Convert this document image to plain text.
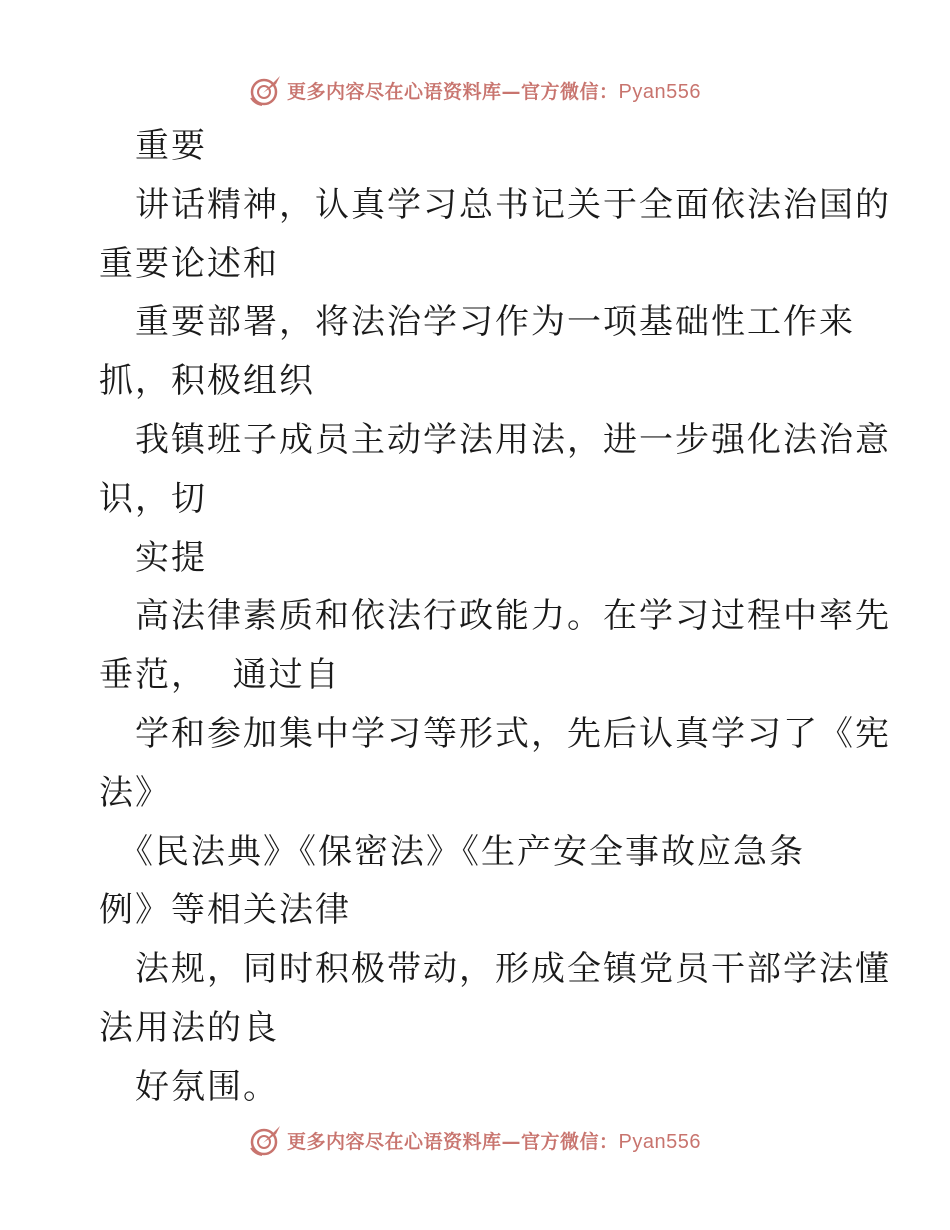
更多内容尽在心语资料库—官方微信：Pyan556
重要
讲话精神，认真学习总书记关于全面依法治国的
重要论述和
重要部署，将法治学习作为一项基础性工作来
抓，积极组织
我镇班子成员主动学法用法，进一步强化法治意
识，切
实提
高法律素质和依法行政能力。在学习过程中率先
垂范，  通过自
学和参加集中学习等形式，先后认真学习了《宪
法》
《民法典》《保密法》《生产安全事故应急条
例》等相关法律
法规，同时积极带动，形成全镇党员干部学法懂
法用法的良
好氛围。
更多内容尽在心语资料库—官方微信：Pyan556
